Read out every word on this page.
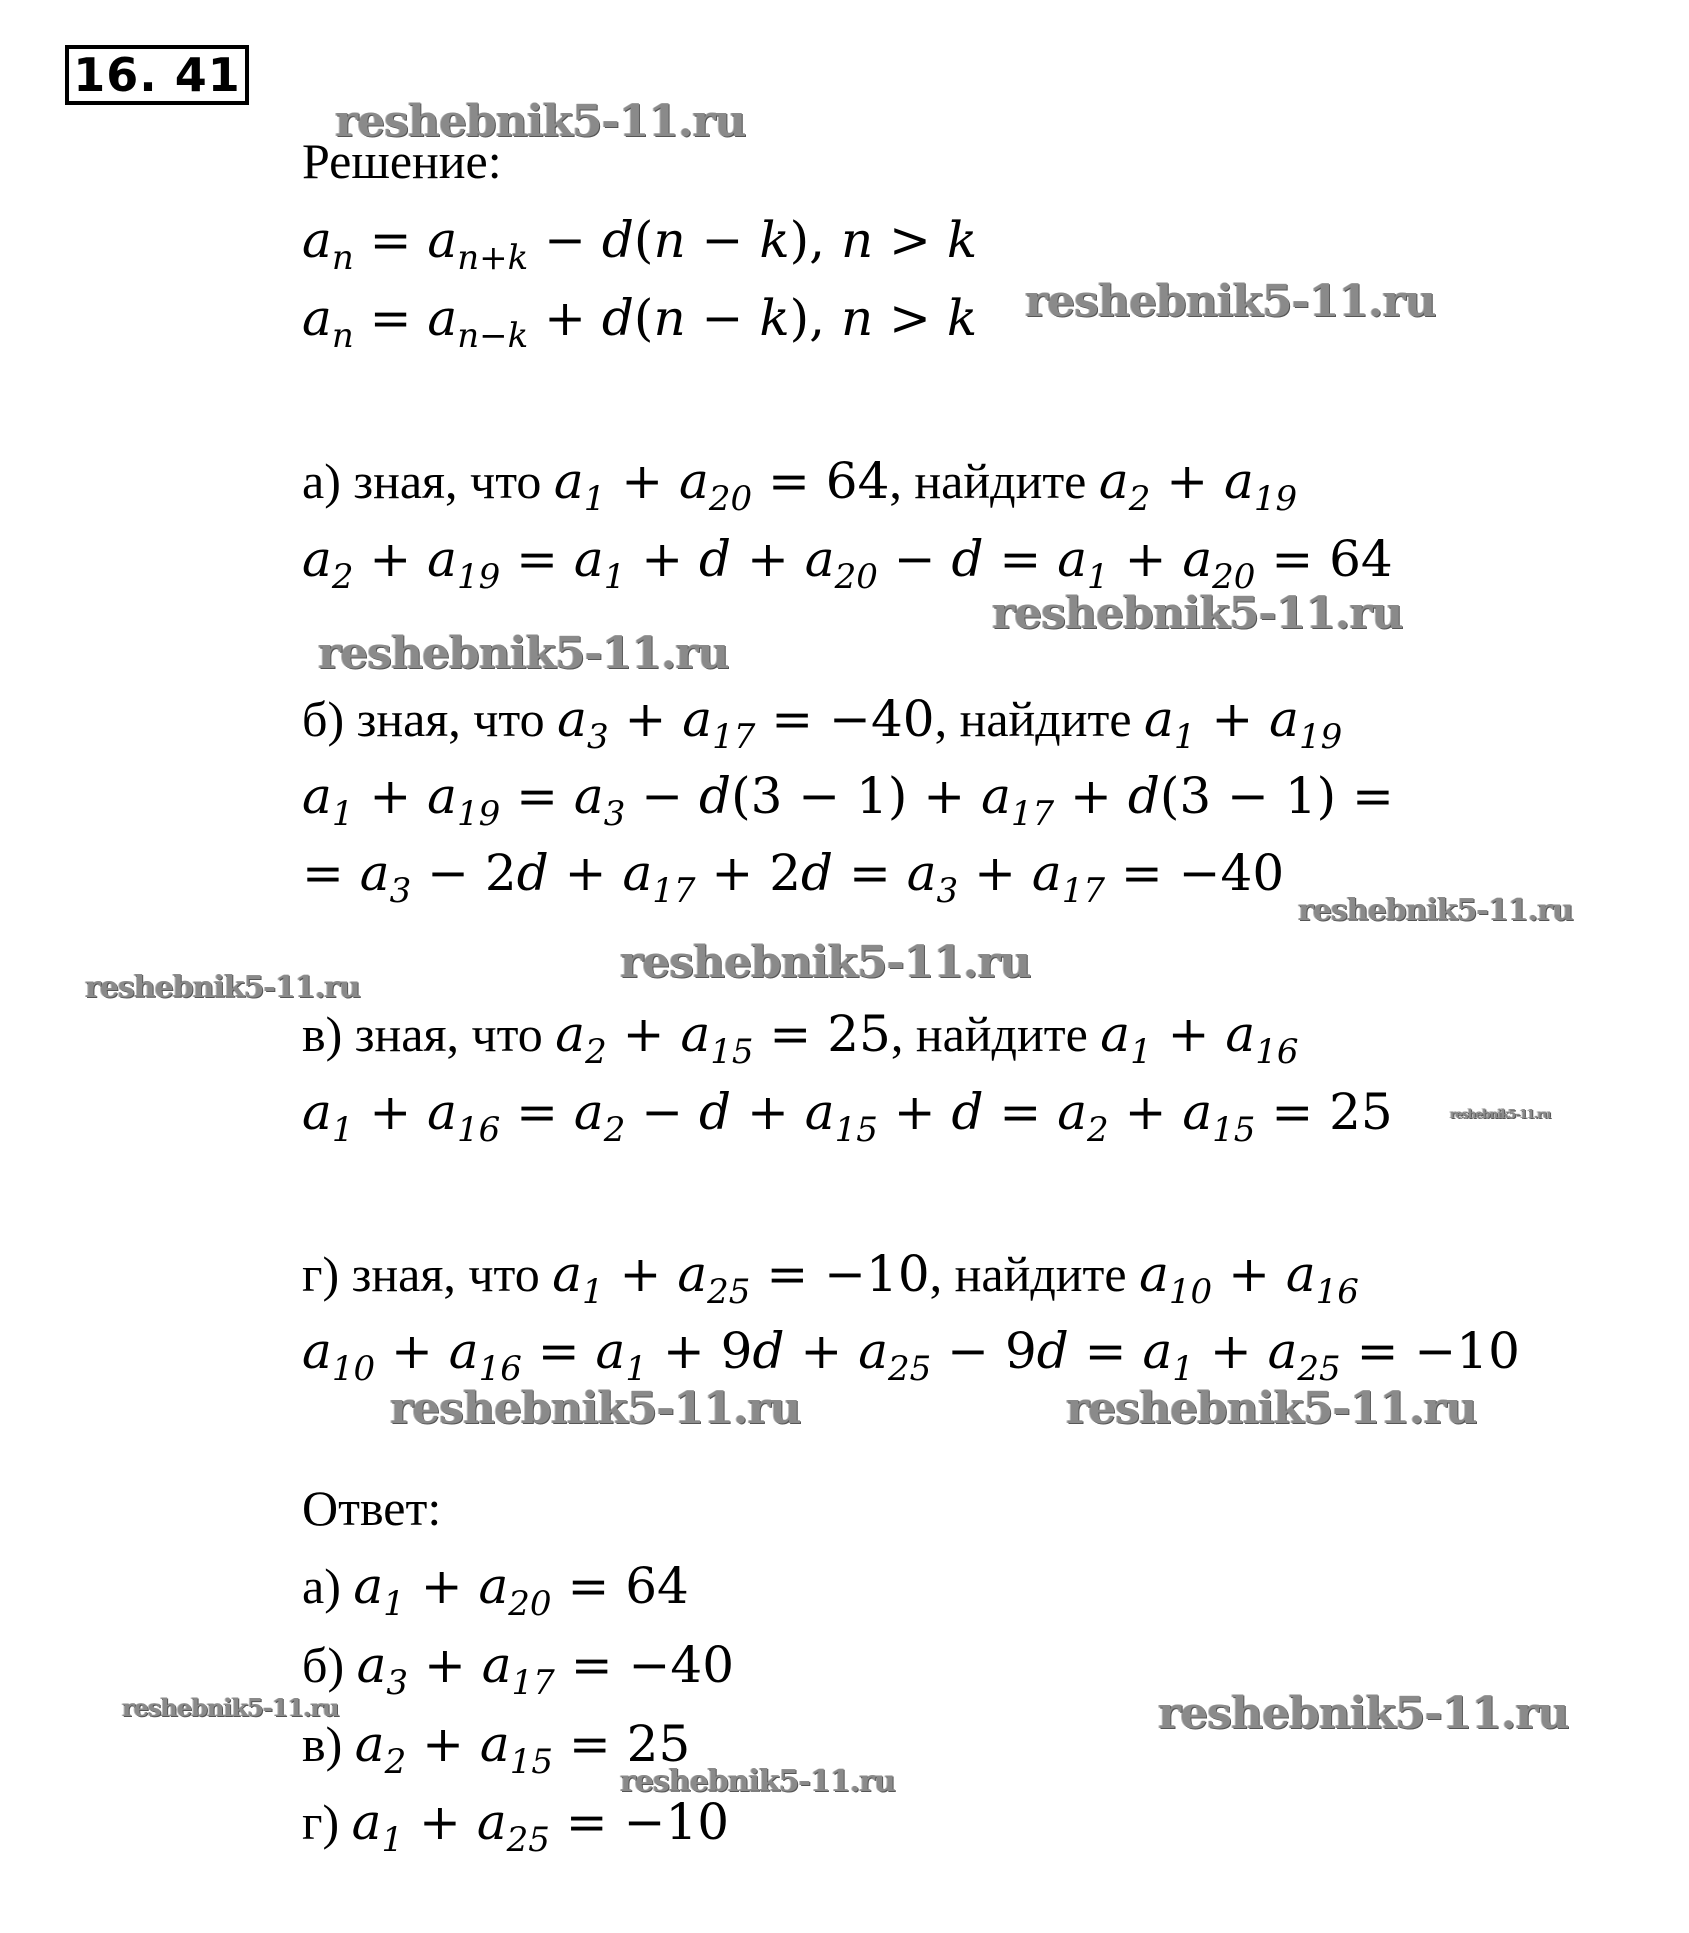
16. 41
reshebnik5-11.ru
reshebnik5-11.ru
reshebnik5-11.ru
reshebnik5-11.ru
reshebnik5-11.ru
reshebnik5-11.ru
reshebnik5-11.ru
reshebnik5-11.ru
reshebnik5-11.ru	reshebnik5-11.ru
reshebnik5-11.ru	reshebnik5-11.ru
reshebnik5-11.ru
Решение:
$a_n = a_{n+k} - d(n - k)$, n > k
$a_n = a_{n-k} + d(n - k)$, n > k
а) зная, что $a_1 + a_{20} = 64$, найдите $a_2 + a_{19}$
$a_2 + a_{19} = a_1 + d + a_{20} - d = a_1 + a_{20} = 64$
б) зная, что $a_3 + a_{17} = -40$, найдите $a_1 + a_{19}$
$a_1 + a_{19} = a_3 - d(3 - 1) + a_{17} + d(3 - 1)$ =
= $a_3 - 2d + a_{17} + 2d = a_3 + a_{17} = -40$
в) зная, что $a_2 + a_{15} = 25$, найдите $a_1 + a_{16}$
$a_1 + a_{16} = a_2 - d + a_{15} + d = a_2 + a_{15} = 25$
г) зная, что $a_1 + a_{25} = -10$, найдите $a_{10} + a_{16}$
$a_{10} + a_{16} = a_1 + 9d + a_{25} - 9d = a_1 + a_{25} = -10$
Ответ:
а) $a_1 + a_{20} = 64$
б) $a_3 + a_{17} = -40$
в) $a_2 + a_{15} = 25$
г) $a_1 + a_{25} = -10$
